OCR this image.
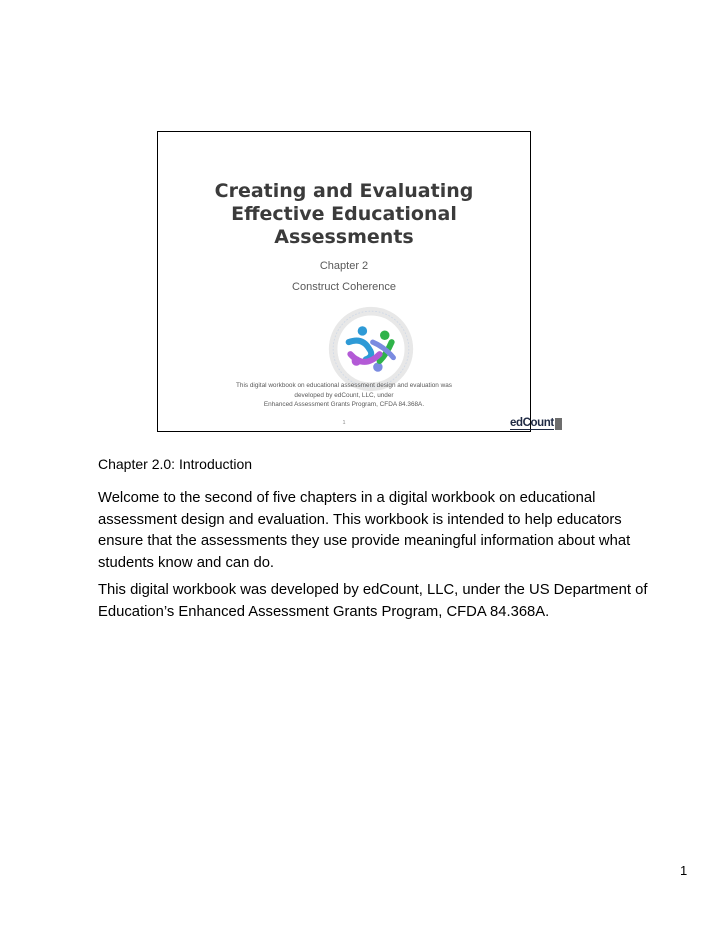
Creating and Evaluating
Effective Educational
Assessments
Chapter 2
Construct Coherence
This digital workbook on educational assessment design and evaluation was
developed by edCount, LLC, under
Enhanced Assessment Grants Program, CFDA 84.368A.
1	edCount
Chapter 2.0: Introduction
Welcome to the second of five chapters in a digital workbook on educational
assessment design and evaluation. This workbook is intended to help educators
ensure that the assessments they use provide meaningful information about what
students know and can do.
This digital workbook was developed by edCount, LLC, under the US Department of
Education’s Enhanced Assessment Grants Program, CFDA 84.368A.
1
